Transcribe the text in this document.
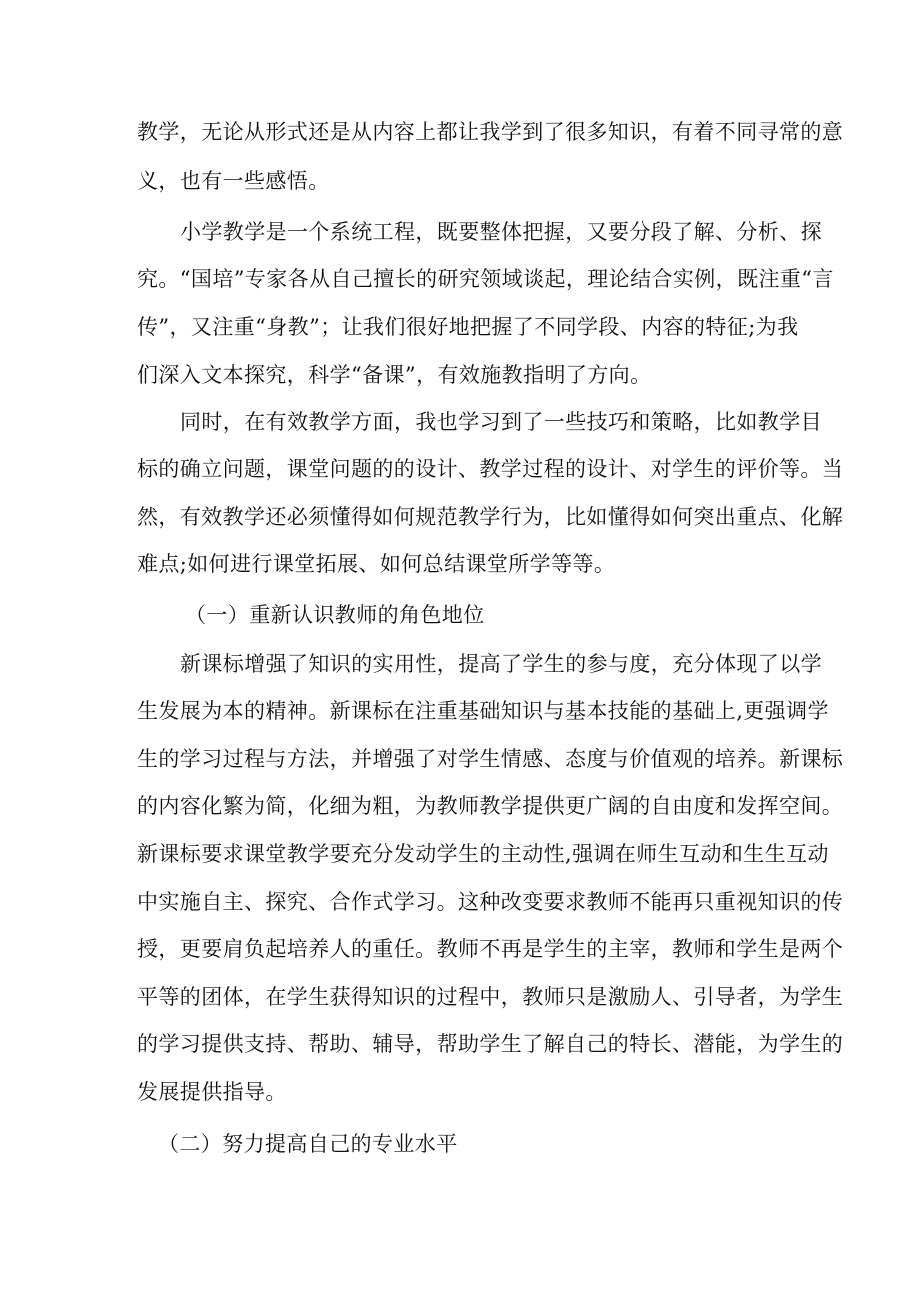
教学，无论从形式还是从内容上都让我学到了很多知识，有着不同寻常的意
义，也有一些感悟。
小学教学是一个系统工程，既要整体把握，又要分段了解、分析、探
究。“国培”专家各从自己擅长的研究领域谈起，理论结合实例，既注重“言
传”，又注重“身教”；让我们很好地把握了不同学段、内容的特征;为我
们深入文本探究，科学“备课”，有效施教指明了方向。
同时，在有效教学方面，我也学习到了一些技巧和策略，比如教学目
标的确立问题，课堂问题的的设计、教学过程的设计、对学生的评价等。当
然，有效教学还必须懂得如何规范教学行为，比如懂得如何突出重点、化解
难点;如何进行课堂拓展、如何总结课堂所学等等。
（一）重新认识教师的角色地位
新课标增强了知识的实用性，提高了学生的参与度，充分体现了以学
生发展为本的精神。新课标在注重基础知识与基本技能的基础上,更强调学
生的学习过程与方法，并增强了对学生情感、态度与价值观的培养。新课标
的内容化繁为简，化细为粗，为教师教学提供更广阔的自由度和发挥空间。
新课标要求课堂教学要充分发动学生的主动性,强调在师生互动和生生互动
中实施自主、探究、合作式学习。这种改变要求教师不能再只重视知识的传
授，更要肩负起培养人的重任。教师不再是学生的主宰，教师和学生是两个
平等的团体，在学生获得知识的过程中，教师只是激励人、引导者，为学生
的学习提供支持、帮助、辅导，帮助学生了解自己的特长、潜能，为学生的
发展提供指导。
（二）努力提高自己的专业水平
